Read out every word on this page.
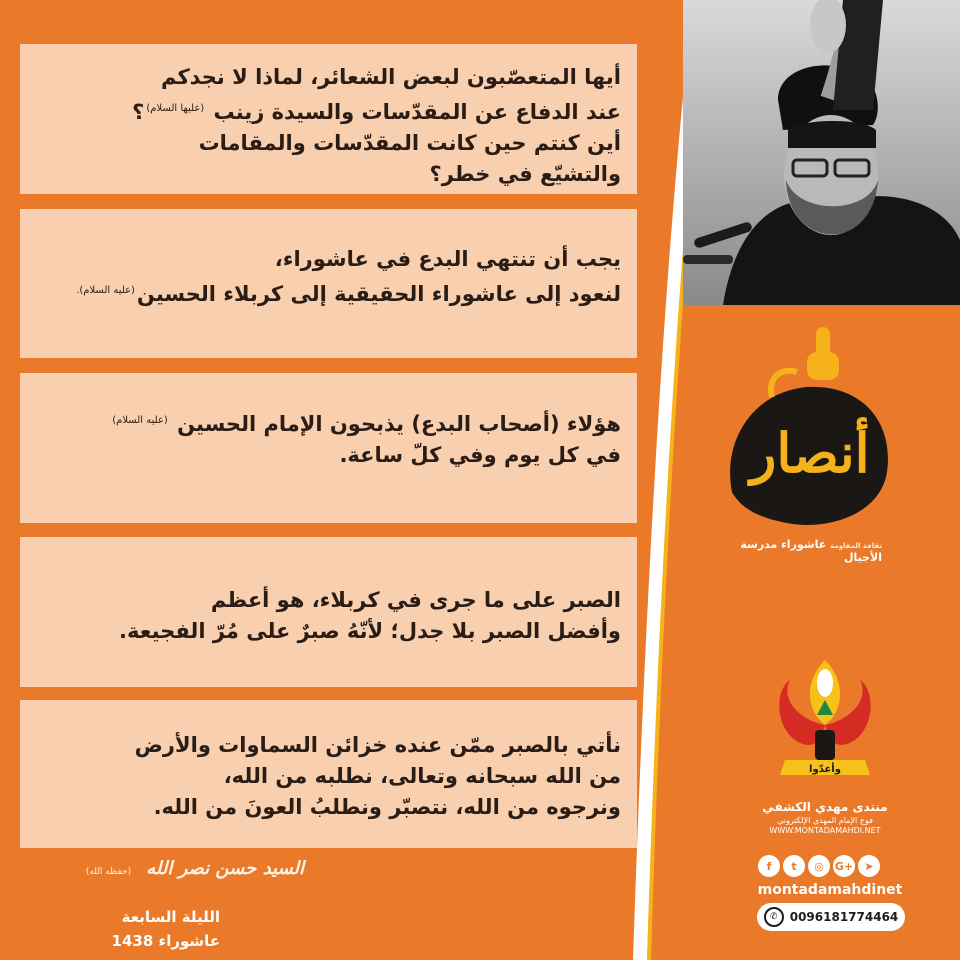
أيها المتعصّبون لبعض الشعائر، لماذا لا نجدكم

عند الدفاع عن المقدّسات والسيدة زينب $^{(عليها السلام)}$؟

أين كنتم حين كانت المقدّسات والمقامات

والتشيّع في خطر؟

يجب أن تنتهي البدع في عاشوراء،

لنعود إلى عاشوراء الحقيقية إلى كربلاء الحسين$^{(عليه السلام).}$

هؤلاء (أصحاب البدع) يذبحون الإمام الحسين $^{(عليه السلام)}$

في كل يوم وفي كلّ ساعة.

الصبر على ما جرى في كربلاء، هو أعظم

وأفضل الصبر بلا جدل؛ لأنّهُ صبرٌ على مُرّ الفجيعة.

نأتي بالصبر ممّن عنده خزائن السماوات والأرض

من الله سبحانه وتعالى، نطلبه من الله،

ونرجوه من الله، نتصبّر ونطلبُ العونَ من الله.

السيد حسن نصر الله (حفظه الله)
الليلة السابعة
عاشوراء 1438
أنصار
ثقافة المقاومة عاشوراء مدرسة الأجيال
وأعدّوا
منتدى مهدي الكشفي
فوج الإمام المهدي الإلكتروني
WWW.MONTADAMAHDI.NET
f	t	◎	G+	➤
montadamahdinet
✆	0096181774464
